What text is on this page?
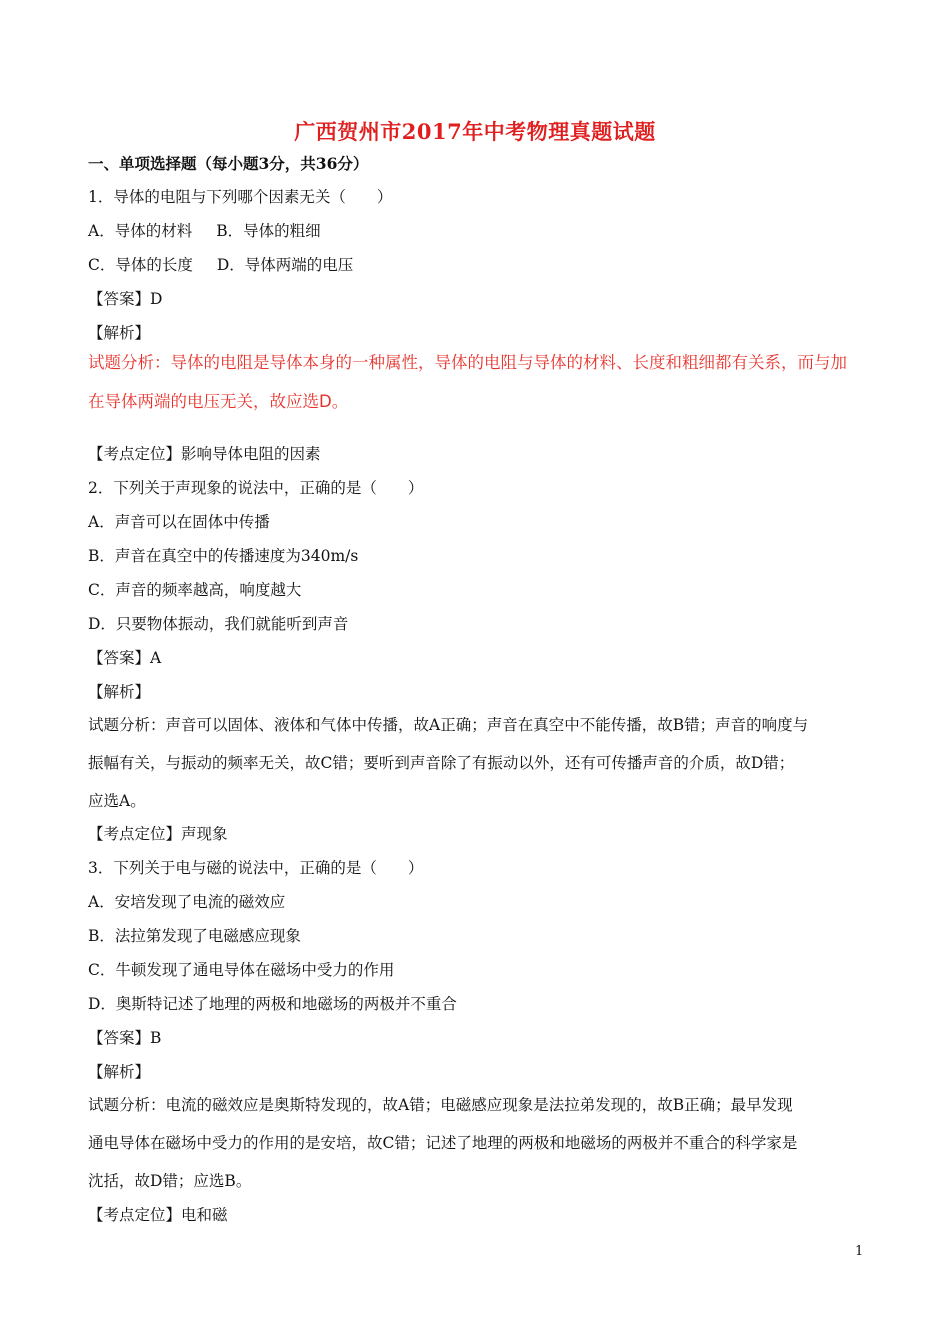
广西贺州市2017年中考物理真题试题
一、单项选择题（每小题3分，共36分）
1．导体的电阻与下列哪个因素无关（　　）
A．导体的材料 B．导体的粗细
C．导体的长度 D．导体两端的电压
【答案】D
【解析】
试题分析：导体的电阻是导体本身的一种属性，导体的电阻与导体的材料、长度和粗细都有关系，而与加
在导体两端的电压无关，故应选D。
【考点定位】影响导体电阻的因素
2．下列关于声现象的说法中，正确的是（　　）
A．声音可以在固体中传播
B．声音在真空中的传播速度为340m/s
C．声音的频率越高，响度越大
D．只要物体振动，我们就能听到声音
【答案】A
【解析】
试题分析：声音可以固体、液体和气体中传播，故A正确；声音在真空中不能传播，故B错；声音的响度与
振幅有关，与振动的频率无关，故C错；要听到声音除了有振动以外，还有可传播声音的介质，故D错；
应选A。
【考点定位】声现象
3．下列关于电与磁的说法中，正确的是（　　）
A．安培发现了电流的磁效应
B．法拉第发现了电磁感应现象
C．牛顿发现了通电导体在磁场中受力的作用
D．奥斯特记述了地理的两极和地磁场的两极并不重合
【答案】B
【解析】
试题分析：电流的磁效应是奥斯特发现的，故A错；电磁感应现象是法拉弟发现的，故B正确；最早发现
通电导体在磁场中受力的作用的是安培，故C错；记述了地理的两极和地磁场的两极并不重合的科学家是
沈括，故D错；应选B。
【考点定位】电和磁
1
